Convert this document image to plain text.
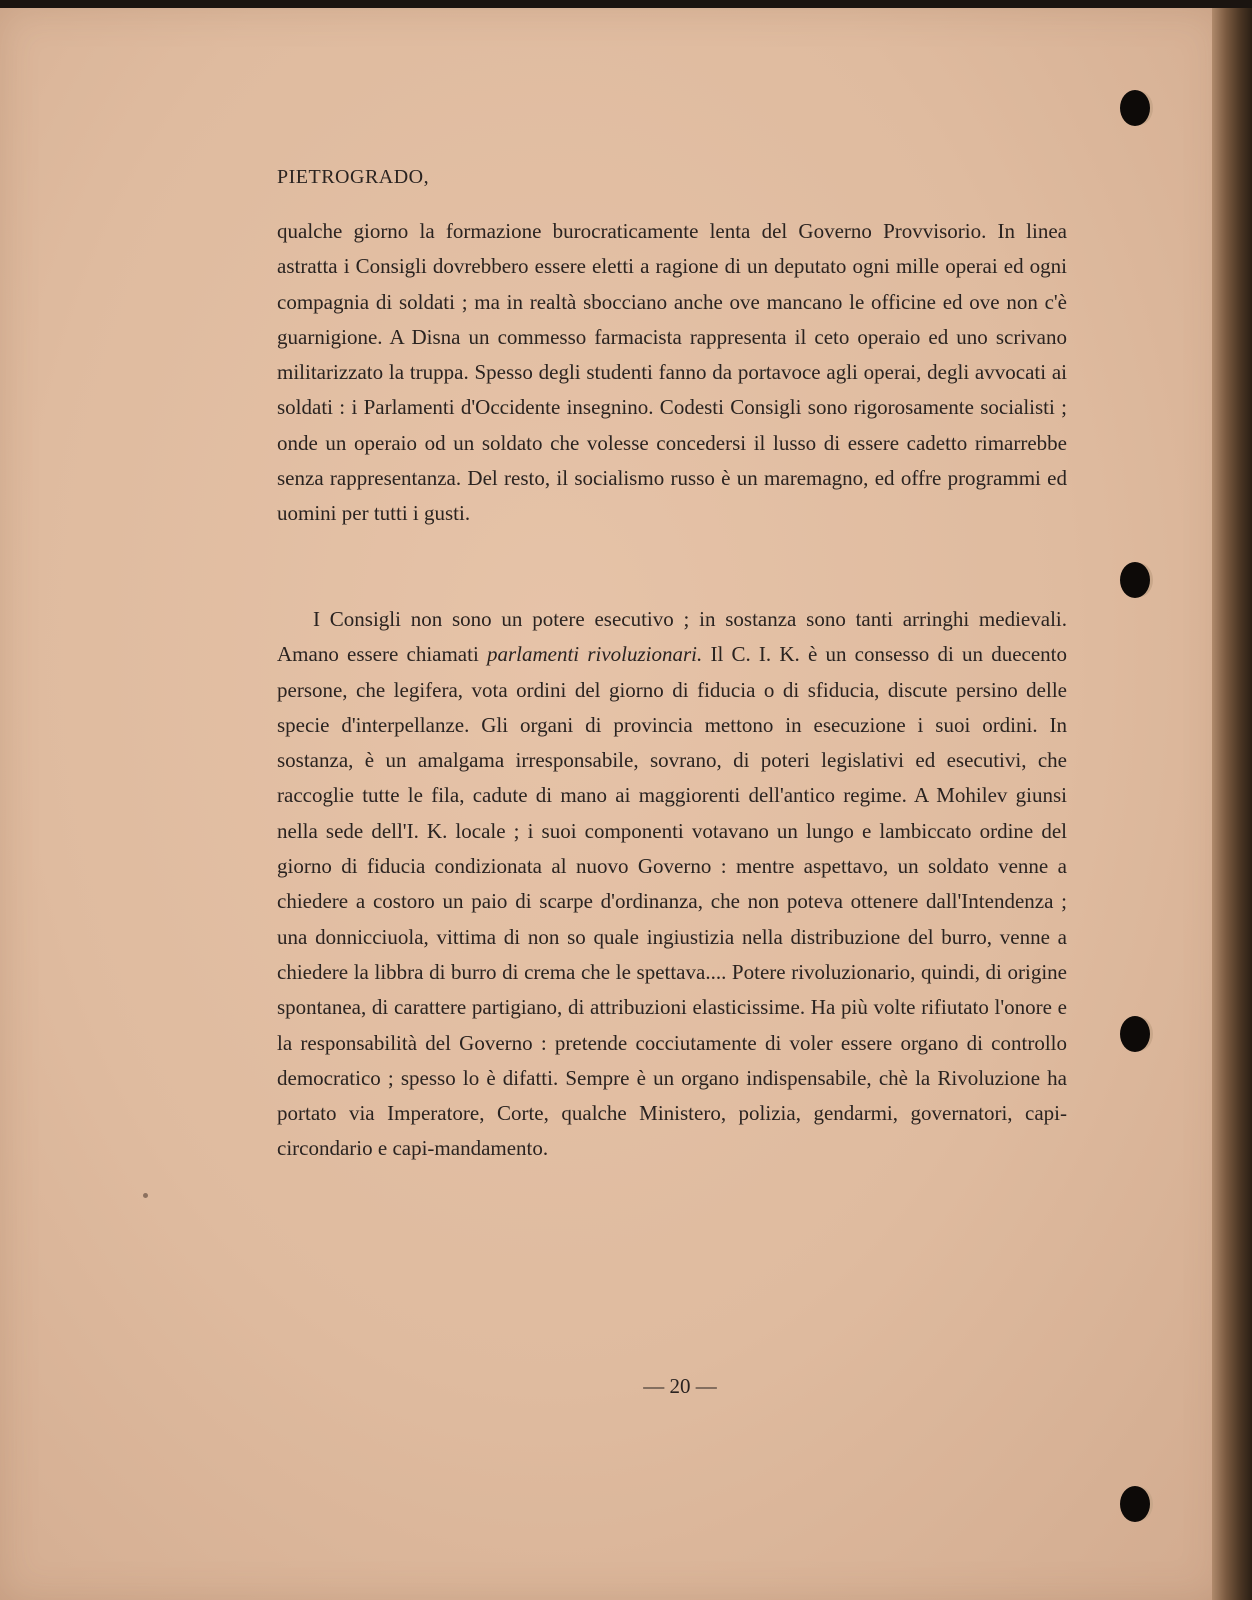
PIETROGRADO,

qualche giorno la formazione burocraticamente lenta del Governo Provvisorio. In linea astratta i Consigli dovrebbero essere eletti a ragione di un deputato ogni mille operai ed ogni compagnia di soldati ; ma in realtà sbocciano anche ove mancano le officine ed ove non c'è guarnigione. A Disna un commesso farmacista rappresenta il ceto operaio ed uno scrivano militarizzato la truppa. Spesso degli studenti fanno da portavoce agli operai, degli avvocati ai soldati : i Parlamenti d'Occidente insegnino. Codesti Consigli sono rigorosamente socialisti ; onde un operaio od un soldato che volesse concedersi il lusso di essere cadetto rimarrebbe senza rappresentanza. Del resto, il socialismo russo è un maremagno, ed offre programmi ed uomini per tutti i gusti.

I Consigli non sono un potere esecutivo ; in sostanza sono tanti arringhi medievali. Amano essere chiamati parlamenti rivoluzionari. Il C. I. K. è un consesso di un duecento persone, che legifera, vota ordini del giorno di fiducia o di sfiducia, discute persino delle specie d'interpellanze. Gli organi di provincia mettono in esecuzione i suoi ordini. In sostanza, è un amalgama irresponsabile, sovrano, di poteri legislativi ed esecutivi, che raccoglie tutte le fila, cadute di mano ai maggiorenti dell'antico regime. A Mohilev giunsi nella sede dell'I. K. locale ; i suoi componenti votavano un lungo e lambiccato ordine del giorno di fiducia condizionata al nuovo Governo : mentre aspettavo, un soldato venne a chiedere a costoro un paio di scarpe d'ordinanza, che non poteva ottenere dall'Intendenza ; una donnicciuola, vittima di non so quale ingiustizia nella distribuzione del burro, venne a chiedere la libbra di burro di crema che le spettava.... Potere rivoluzionario, quindi, di origine spontanea, di carattere partigiano, di attribuzioni elasticissime. Ha più volte rifiutato l'onore e la responsabilità del Governo : pretende cocciutamente di voler essere organo di controllo democratico ; spesso lo è difatti. Sempre è un organo indispensabile, chè la Rivoluzione ha portato via Imperatore, Corte, qualche Ministero, polizia, gendarmi, governatori, capi-circondario e capi-mandamento.

— 20 —
